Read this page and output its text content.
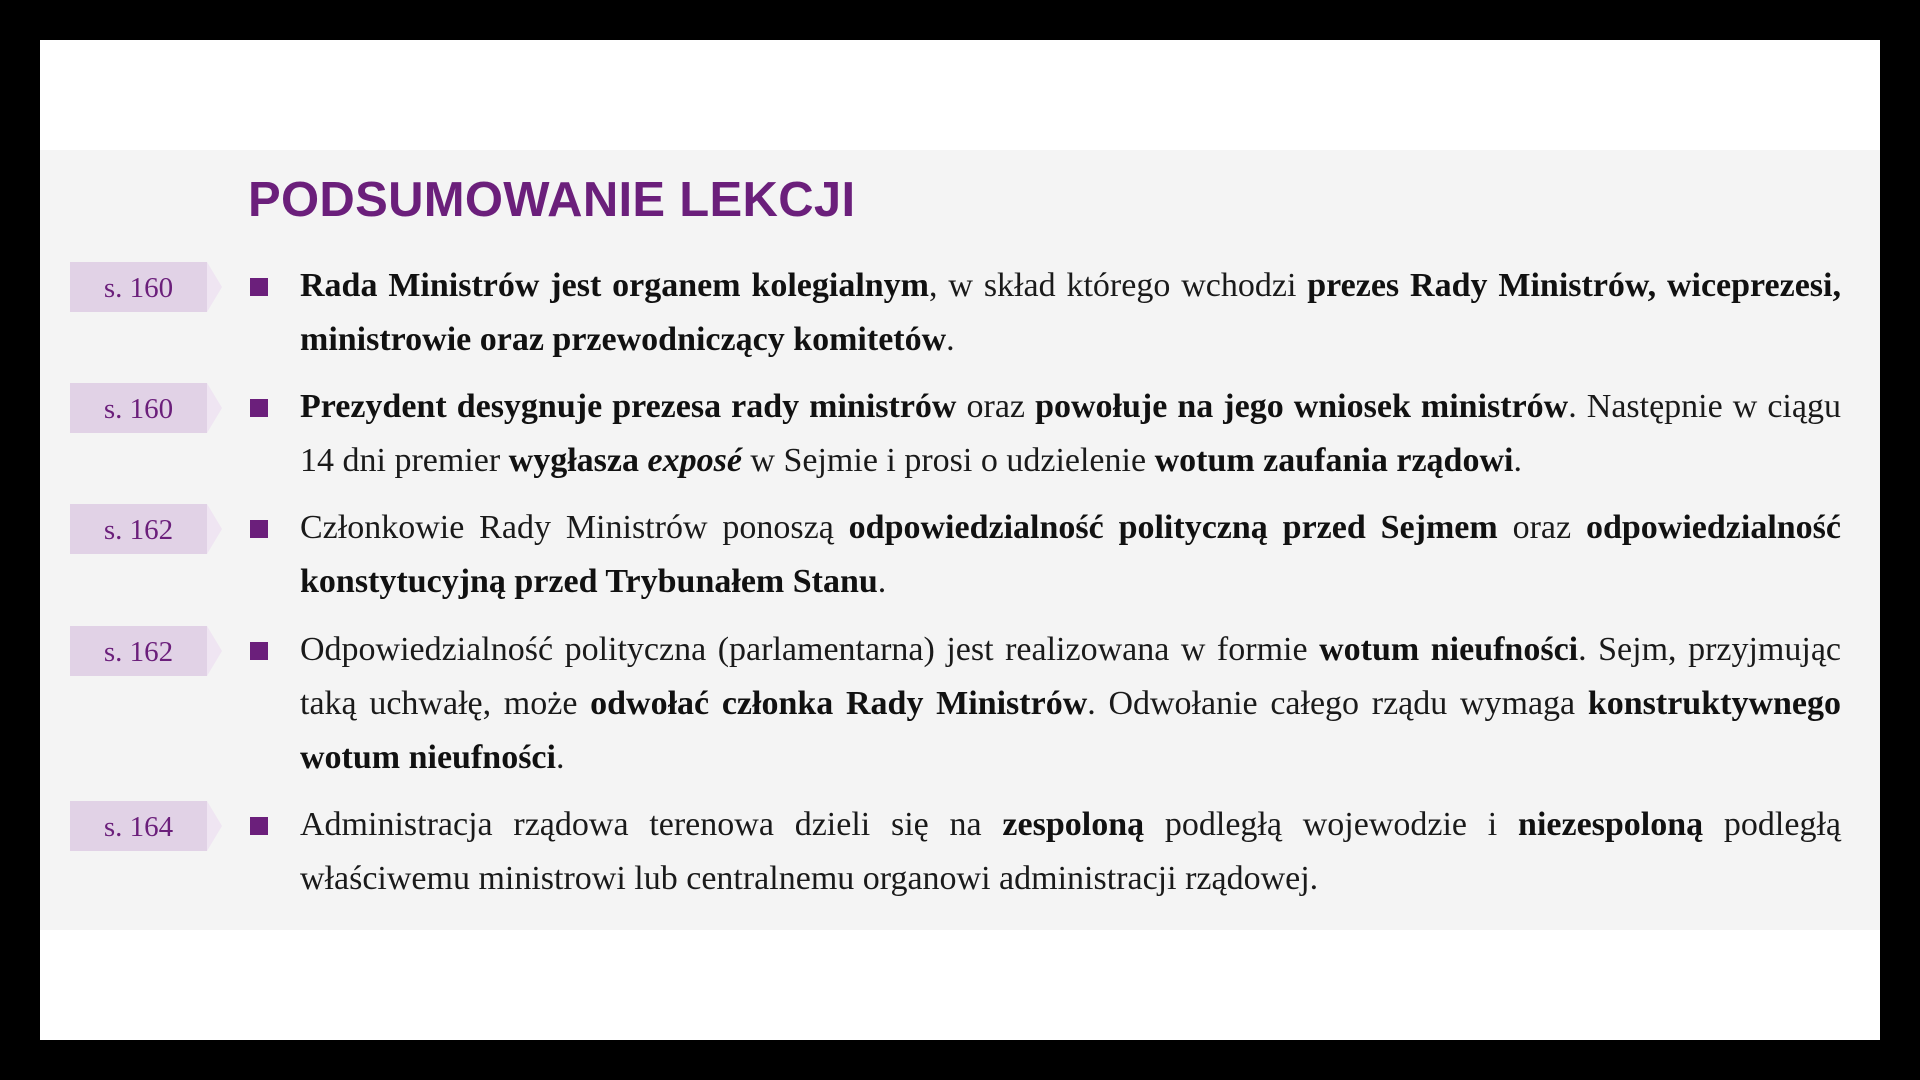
PODSUMOWANIE LEKCJI
s. 160	Rada Ministrów jest organem kolegialnym, w skład którego wchodzi prezes Rady Ministrów, wiceprezesi, ministrowie oraz przewodniczący komitetów.

s. 160	Prezydent desygnuje prezesa rady ministrów oraz powołuje na jego wniosek ministrów. Następnie w ciągu 14 dni premier wygłasza exposé w Sejmie i prosi o udzielenie wotum zaufania rządowi.

s. 162	Członkowie Rady Ministrów ponoszą odpowiedzialność polityczną przed Sejmem oraz odpowiedzialność konstytucyjną przed Trybunałem Stanu.

s. 162	Odpowiedzialność polityczna (parlamentarna) jest realizowana w formie wotum nieufności. Sejm, przyjmując taką uchwałę, może odwołać członka Rady Ministrów. Odwołanie całego rządu wymaga konstruktywnego wotum nieufności.

s. 164	Administracja rządowa terenowa dzieli się na zespoloną podległą wojewodzie i niezespoloną podległą właściwemu ministrowi lub centralnemu organowi administracji rządowej.
